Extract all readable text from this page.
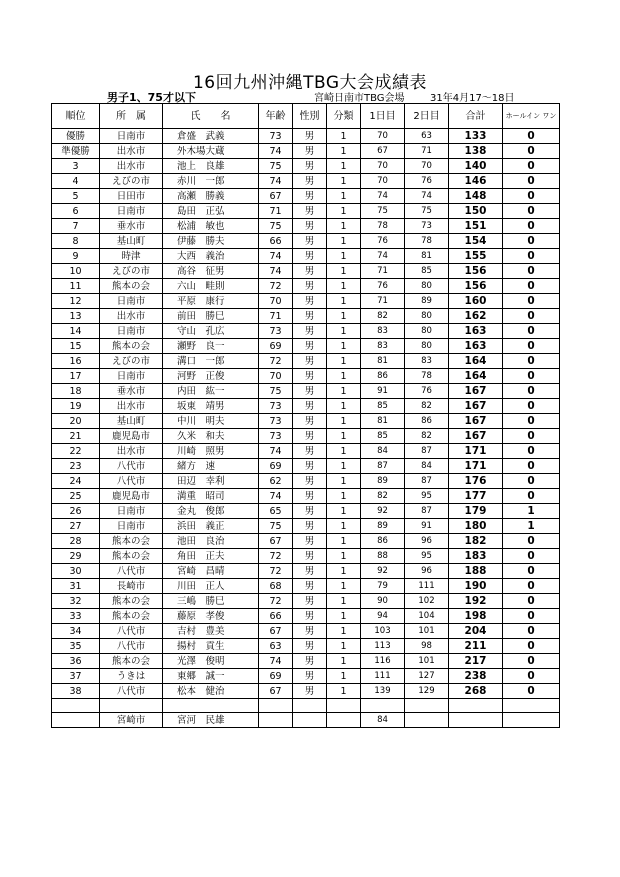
16回九州沖縄TBG大会成績表
男子1、75才以下	宮崎日南市TBG会場	31年4月17〜18日
順位	所　属	氏　　名	年齢	性別	分類	1日目	2日目	合計	ホールイン ワン
優勝	日南市	倉盛　武義	73	男	1	70	63	133	0
準優勝	出水市	外木場大蔵	74	男	1	67	71	138	0
3	出水市	池上　良雄	75	男	1	70	70	140	0
4	えびの市	赤川　一郎	74	男	1	70	76	146	0
5	日田市	高瀬　勝義	67	男	1	74	74	148	0
6	日南市	島田　正弘	71	男	1	75	75	150	0
7	垂水市	松浦　敏也	75	男	1	78	73	151	0
8	基山町	伊藤　勝夫	66	男	1	76	78	154	0
9	時津	大西　義治	74	男	1	74	81	155	0
10	えびの市	高谷　征男	74	男	1	71	85	156	0
11	熊本の会	六山　畦則	72	男	1	76	80	156	0
12	日南市	平原　康行	70	男	1	71	89	160	0
13	出水市	前田　勝巳	71	男	1	82	80	162	0
14	日南市	守山　孔広	73	男	1	83	80	163	0
15	熊本の会	瀬野　良一	69	男	1	83	80	163	0
16	えびの市	溝口　一郎	72	男	1	81	83	164	0
17	日南市	河野　正俊	70	男	1	86	78	164	0
18	垂水市	内田　紘一	75	男	1	91	76	167	0
19	出水市	坂東　靖男	73	男	1	85	82	167	0
20	基山町	中川　明夫	73	男	1	81	86	167	0
21	鹿児島市	久米　和夫	73	男	1	85	82	167	0
22	出水市	川崎　照男	74	男	1	84	87	171	0
23	八代市	緒方　速	69	男	1	87	84	171	0
24	八代市	田辺　幸利	62	男	1	89	87	176	0
25	鹿児島市	満重　昭司	74	男	1	82	95	177	0
26	日南市	金丸　俊郎	65	男	1	92	87	179	1
27	日南市	浜田　義正	75	男	1	89	91	180	1
28	熊本の会	池田　良治	67	男	1	86	96	182	0
29	熊本の会	角田　正夫	72	男	1	88	95	183	0
30	八代市	宮崎　昌晴	72	男	1	92	96	188	0
31	長崎市	川田　正人	68	男	1	79	111	190	0
32	熊本の会	三嶋　勝巳	72	男	1	90	102	192	0
33	熊本の会	藤原　孝俊	66	男	1	94	104	198	0
34	八代市	吉村　豊美	67	男	1	103	101	204	0
35	八代市	揚村　貢生	63	男	1	113	98	211	0
36	熊本の会	光澤　俊明	74	男	1	116	101	217	0
37	うきは	東郷　誠一	69	男	1	111	127	238	0
38	八代市	松本　健治	67	男	1	139	129	268	0

	宮崎市	宮河　民雄				84			
